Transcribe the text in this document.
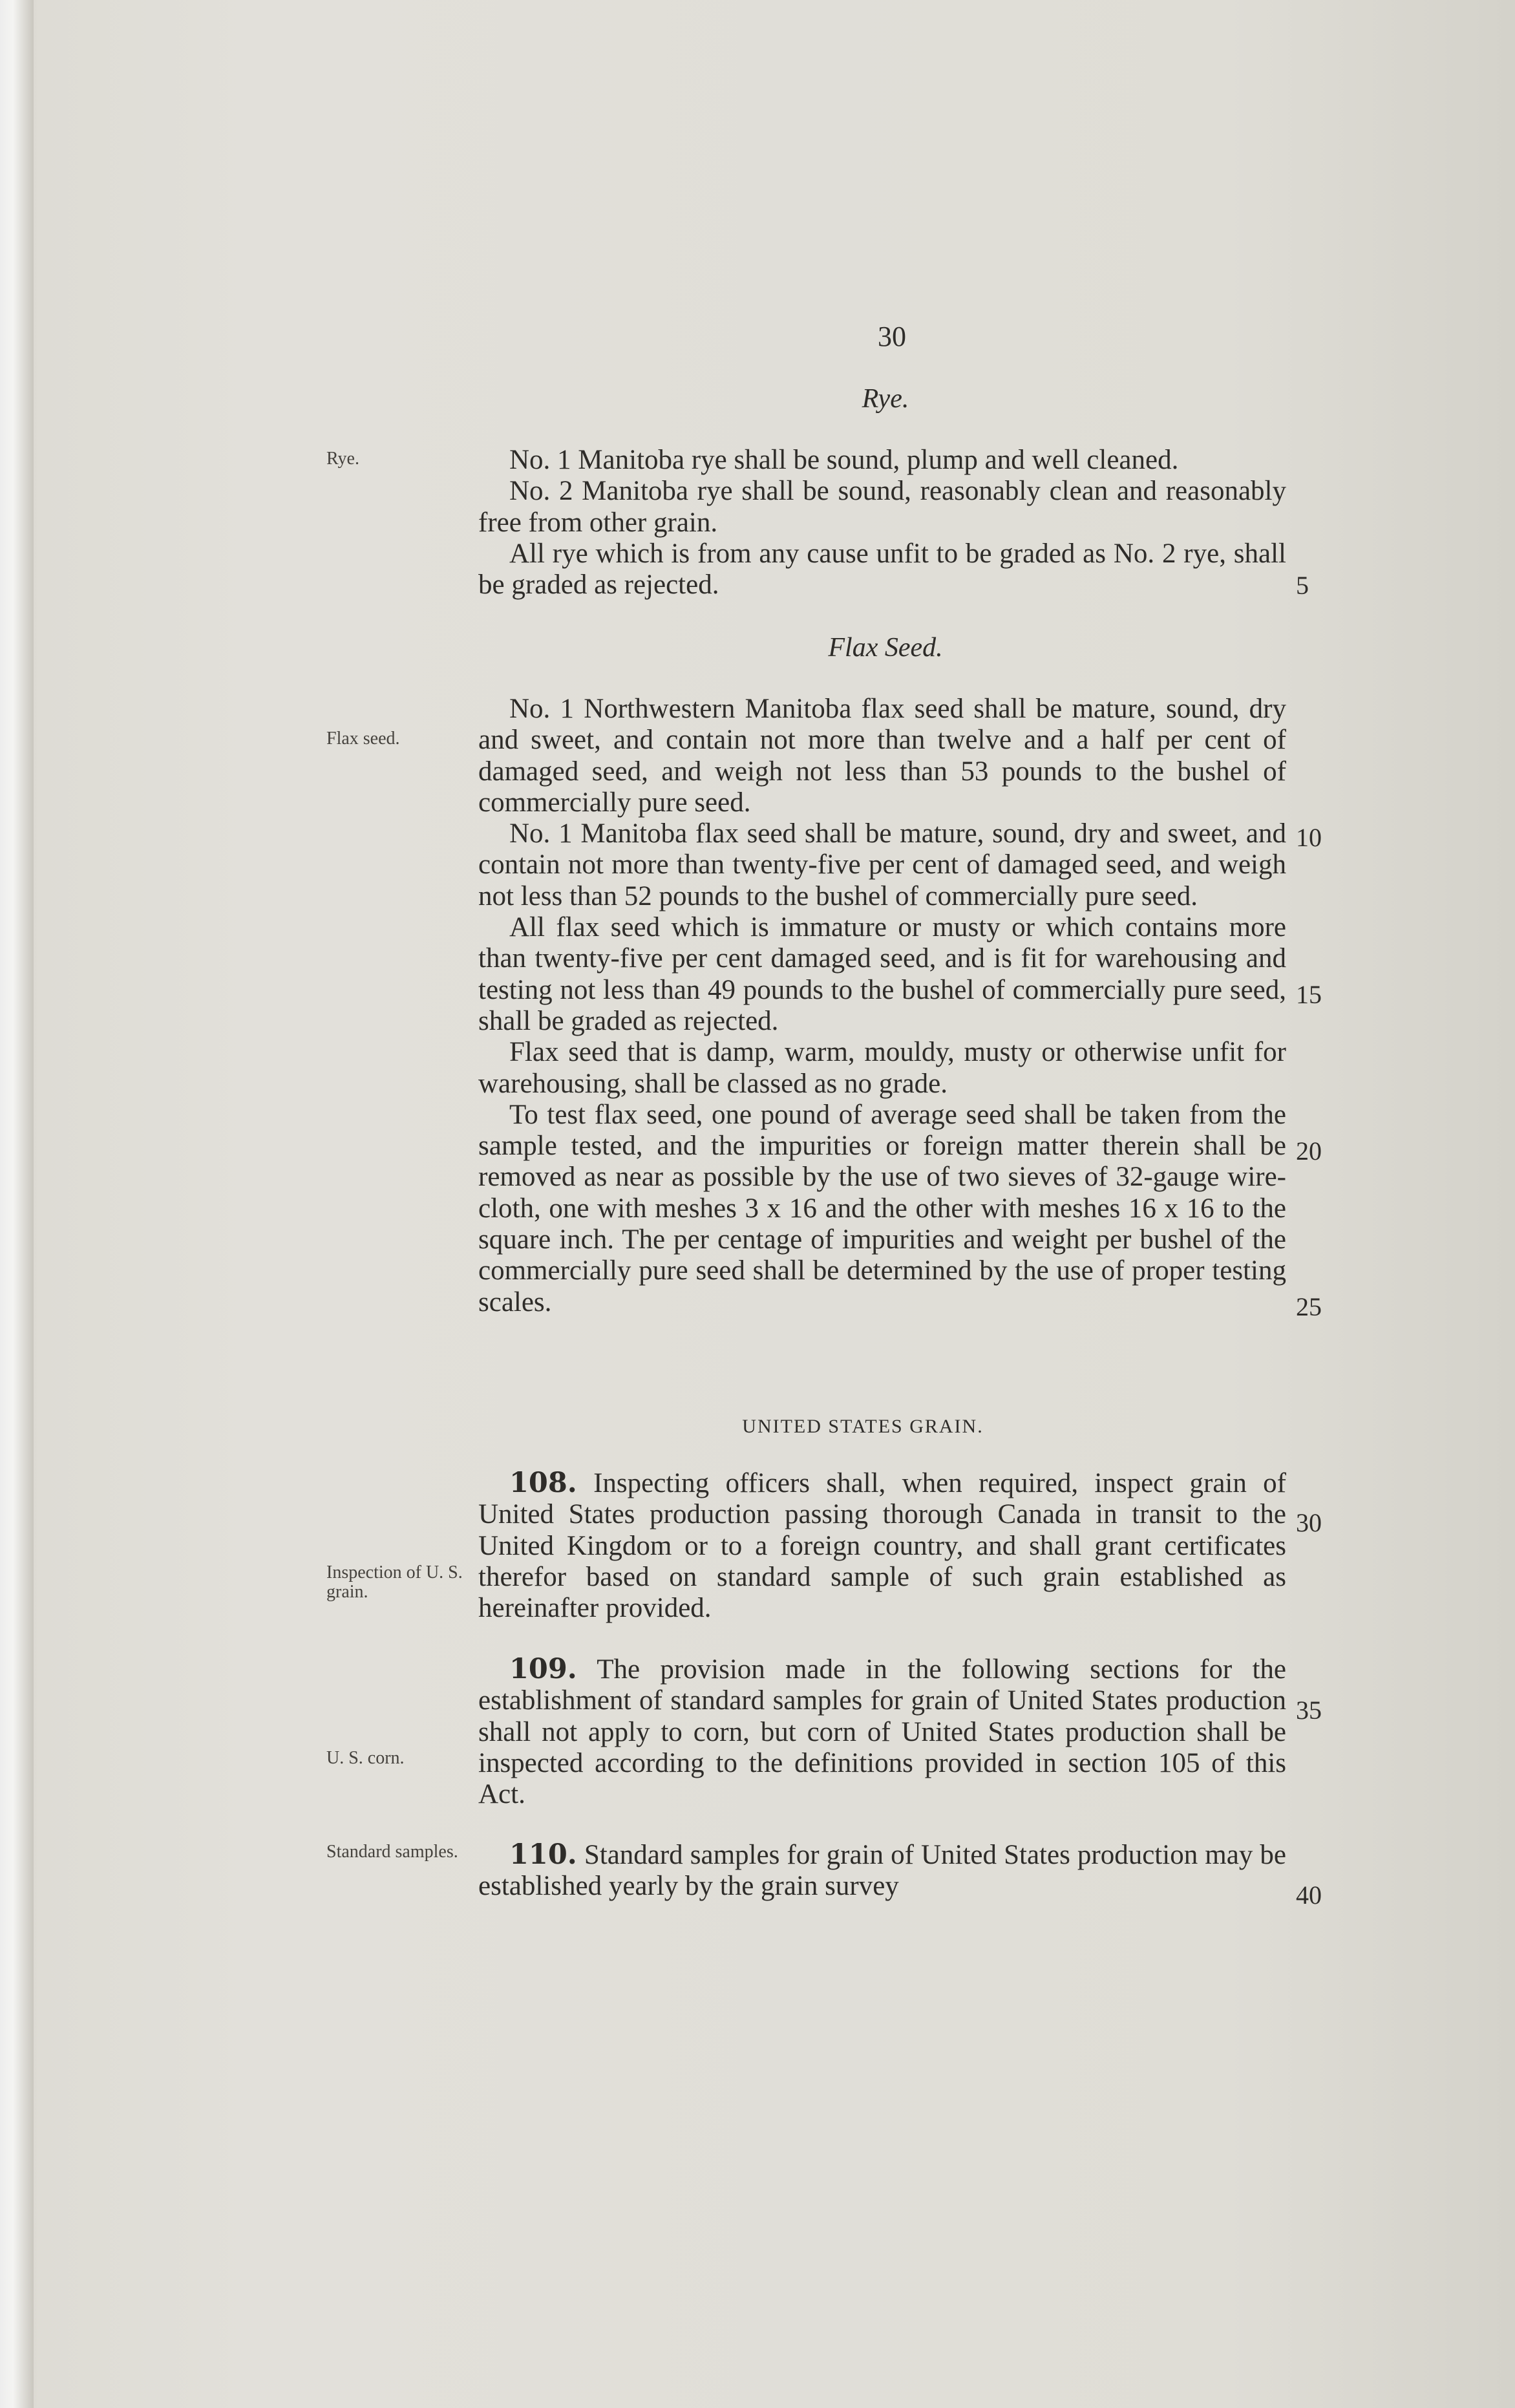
30
Rye.
Rye.	No. 1 Manitoba rye shall be sound, plump and well cleaned.

No. 2 Manitoba rye shall be sound, reasonably clean and reasonably free from other grain.

All rye which is from any cause unfit to be graded as No. 2 rye, shall be graded as rejected.

Flax Seed.
Flax seed.

No. 1 Northwestern Manitoba flax seed shall be mature, sound, dry and sweet, and contain not more than twelve and a half per cent of damaged seed, and weigh not less than 53 pounds to the bushel of commercially pure seed.

No. 1 Manitoba flax seed shall be mature, sound, dry and sweet, and contain not more than twenty-five per cent of damaged seed, and weigh not less than 52 pounds to the bushel of commercially pure seed.

All flax seed which is immature or musty or which contains more than twenty-five per cent damaged seed, and is fit for warehousing and testing not less than 49 pounds to the bushel of commercially pure seed, shall be graded as rejected.

Flax seed that is damp, warm, mouldy, musty or otherwise unfit for warehousing, shall be classed as no grade.

To test flax seed, one pound of average seed shall be taken from the sample tested, and the impurities or foreign matter therein shall be removed as near as possible by the use of two sieves of 32-gauge wire-cloth, one with meshes 3 x 16 and the other with meshes 16 x 16 to the square inch. The per centage of impurities and weight per bushel of the commercially pure seed shall be determined by the use of proper testing scales.

UNITED STATES GRAIN.
Inspection of U. S. grain.

108. Inspecting officers shall, when required, inspect grain of United States production passing thorough Canada in transit to the United Kingdom or to a foreign country, and shall grant certificates therefor based on standard sample of such grain established as hereinafter provided.

U. S. corn.

109. The provision made in the following sections for the establishment of standard samples for grain of United States production shall not apply to corn, but corn of United States production shall be inspected according to the definitions provided in section 105 of this Act.

Standard samples.	110. Standard samples for grain of United States production may be established yearly by the grain survey

5
10
15
20
25
30
35
40
